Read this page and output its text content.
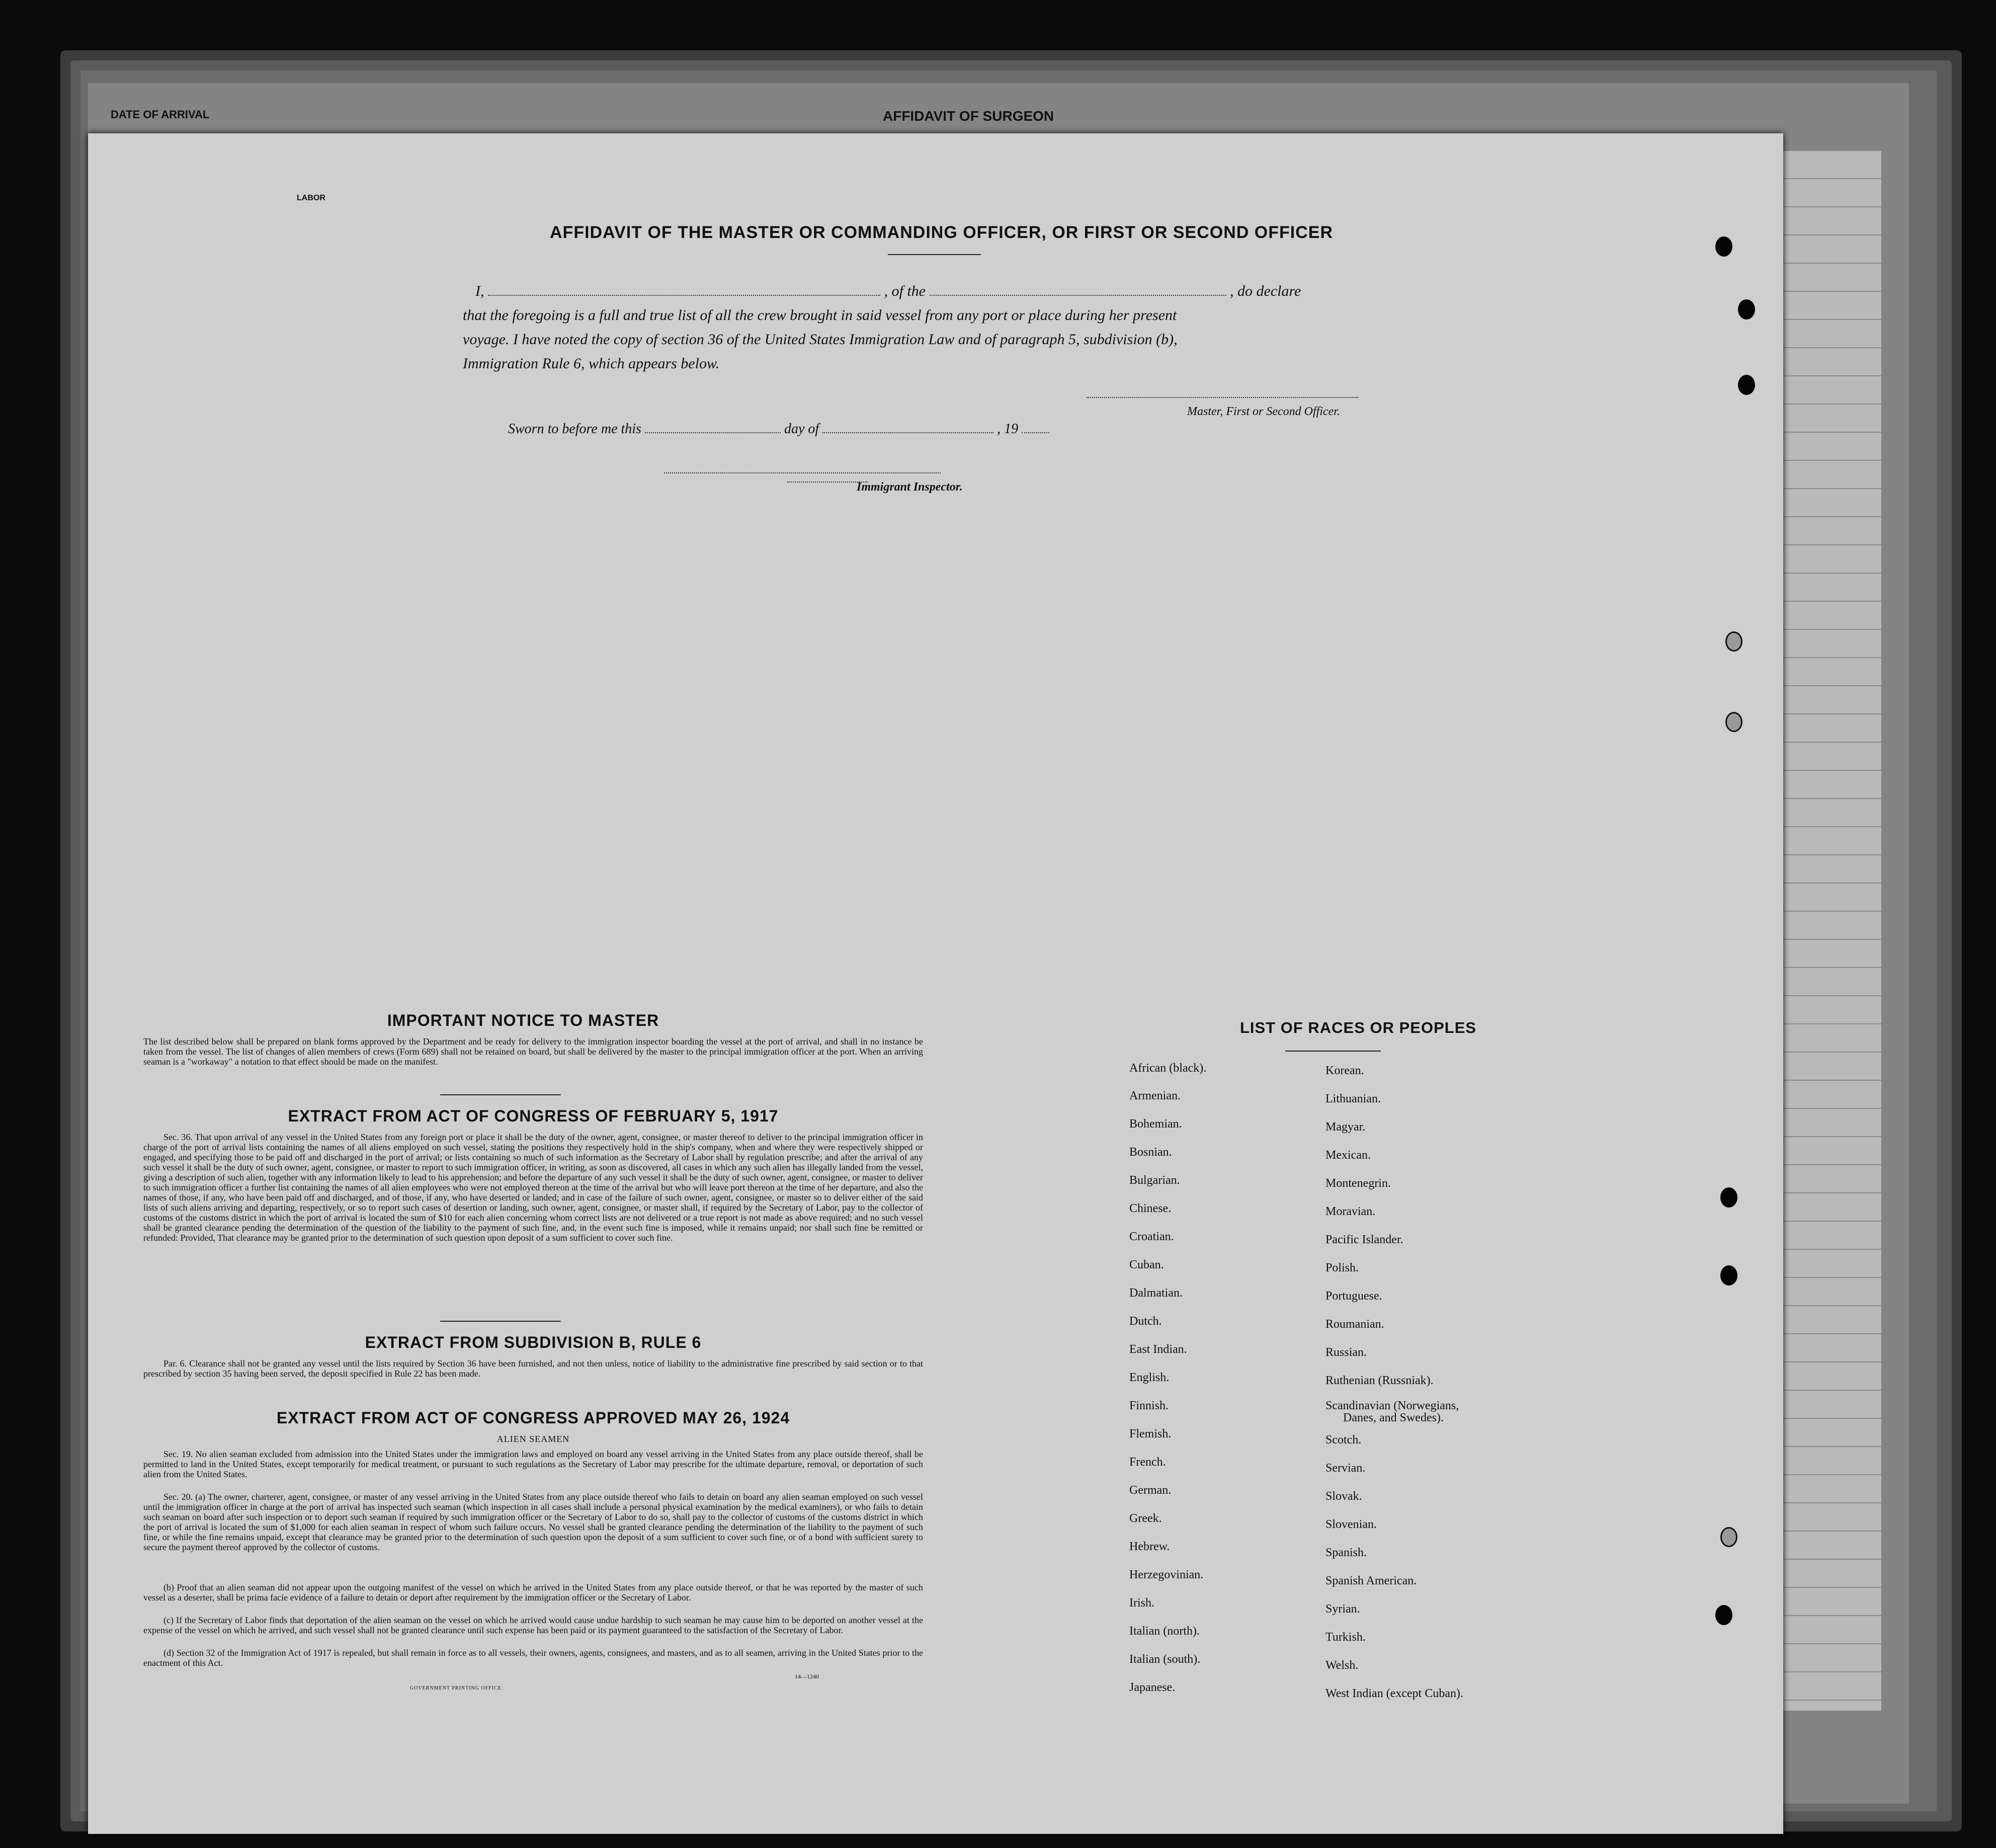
DATE OF ARRIVAL	AFFIDAVIT OF SURGEON
LABOR
AFFIDAVIT OF THE MASTER OR COMMANDING OFFICER, OR FIRST OR SECOND OFFICER
I,	, of the	, do declare
that the foregoing is a full and true list of all the crew brought in said vessel from any port or place during her present
voyage. I have noted the copy of section 36 of the United States Immigration Law and of paragraph 5, subdivision (b),
Immigration Rule 6, which appears below.
Master, First or Second Officer.
Sworn to before me this	day of	, 19
Immigrant Inspector.
IMPORTANT NOTICE TO MASTER
The list described below shall be prepared on blank forms approved by the Department and be ready for delivery to the immigration inspector boarding the vessel at the port of arrival, and shall in no instance be taken from the vessel. The list of changes of alien members of crews (Form 689) shall not be retained on board, but shall be delivered by the master to the principal immigration officer at the port. When an arriving seaman is a "workaway" a notation to that effect should be made on the manifest.
EXTRACT FROM ACT OF CONGRESS OF FEBRUARY 5, 1917
Sec. 36. That upon arrival of any vessel in the United States from any foreign port or place it shall be the duty of the owner, agent, consignee, or master thereof to deliver to the principal immigration officer in charge of the port of arrival lists containing the names of all aliens employed on such vessel, stating the positions they respectively hold in the ship's company, when and where they were respectively shipped or engaged, and specifying those to be paid off and discharged in the port of arrival; or lists containing so much of such information as the Secretary of Labor shall by regulation prescribe; and after the arrival of any such vessel it shall be the duty of such owner, agent, consignee, or master to report to such immigration officer, in writing, as soon as discovered, all cases in which any such alien has illegally landed from the vessel, giving a description of such alien, together with any information likely to lead to his apprehension; and before the departure of any such vessel it shall be the duty of such owner, agent, consignee, or master to deliver to such immigration officer a further list containing the names of all alien employees who were not employed thereon at the time of the arrival but who will leave port thereon at the time of her departure, and also the names of those, if any, who have been paid off and discharged, and of those, if any, who have deserted or landed; and in case of the failure of such owner, agent, consignee, or master so to deliver either of the said lists of such aliens arriving and departing, respectively, or so to report such cases of desertion or landing, such owner, agent, consignee, or master shall, if required by the Secretary of Labor, pay to the collector of customs of the customs district in which the port of arrival is located the sum of $10 for each alien concerning whom correct lists are not delivered or a true report is not made as above required; and no such vessel shall be granted clearance pending the determination of the question of the liability to the payment of such fine, and, in the event such fine is imposed, while it remains unpaid; nor shall such fine be remitted or refunded: Provided, That clearance may be granted prior to the determination of such question upon deposit of a sum sufficient to cover such fine.
EXTRACT FROM SUBDIVISION B, RULE 6
Par. 6. Clearance shall not be granted any vessel until the lists required by Section 36 have been furnished, and not then unless, notice of liability to the administrative fine prescribed by said section or to that prescribed by section 35 having been served, the deposit specified in Rule 22 has been made.
EXTRACT FROM ACT OF CONGRESS APPROVED MAY 26, 1924
ALIEN SEAMEN
Sec. 19. No alien seaman excluded from admission into the United States under the immigration laws and employed on board any vessel arriving in the United States from any place outside thereof, shall be permitted to land in the United States, except temporarily for medical treatment, or pursuant to such regulations as the Secretary of Labor may prescribe for the ultimate departure, removal, or deportation of such alien from the United States.
Sec. 20. (a) The owner, charterer, agent, consignee, or master of any vessel arriving in the United States from any place outside thereof who fails to detain on board any alien seaman employed on such vessel until the immigration officer in charge at the port of arrival has inspected such seaman (which inspection in all cases shall include a personal physical examination by the medical examiners), or who fails to detain such seaman on board after such inspection or to deport such seaman if required by such immigration officer or the Secretary of Labor to do so, shall pay to the collector of customs of the customs district in which the port of arrival is located the sum of $1,000 for each alien seaman in respect of whom such failure occurs. No vessel shall be granted clearance pending the determination of the liability to the payment of such fine, or while the fine remains unpaid, except that clearance may be granted prior to the determination of such question upon the deposit of a sum sufficient to cover such fine, or of a bond with sufficient surety to secure the payment thereof approved by the collector of customs.
(b) Proof that an alien seaman did not appear upon the outgoing manifest of the vessel on which he arrived in the United States from any place outside thereof, or that he was reported by the master of such vessel as a deserter, shall be prima facie evidence of a failure to detain or deport after requirement by the immigration officer or the Secretary of Labor.
(c) If the Secretary of Labor finds that deportation of the alien seaman on the vessel on which he arrived would cause undue hardship to such seaman he may cause him to be deported on another vessel at the expense of the vessel on which he arrived, and such vessel shall not be granted clearance until such expense has been paid or its payment guaranteed to the satisfaction of the Secretary of Labor.
(d) Section 32 of the Immigration Act of 1917 is repealed, but shall remain in force as to all vessels, their owners, agents, consignees, and masters, and as to all seamen, arriving in the United States prior to the enactment of this Act.
GOVERNMENT PRINTING OFFICE
14—1240
LIST OF RACES OR PEOPLES
African (black).
Armenian.
Bohemian.
Bosnian.
Bulgarian.
Chinese.
Croatian.
Cuban.
Dalmatian.
Dutch.
East Indian.
English.
Finnish.
Flemish.
French.
German.
Greek.
Hebrew.
Herzegovinian.
Irish.
Italian (north).
Italian (south).
Japanese.
Korean.
Lithuanian.
Magyar.
Mexican.
Montenegrin.
Moravian.
Pacific Islander.
Polish.
Portuguese.
Roumanian.
Russian.
Ruthenian (Russniak).
Scandinavian (Norwegians,
Danes, and Swedes).
Scotch.
Servian.
Slovak.
Slovenian.
Spanish.
Spanish American.
Syrian.
Turkish.
Welsh.
West Indian (except Cuban).
